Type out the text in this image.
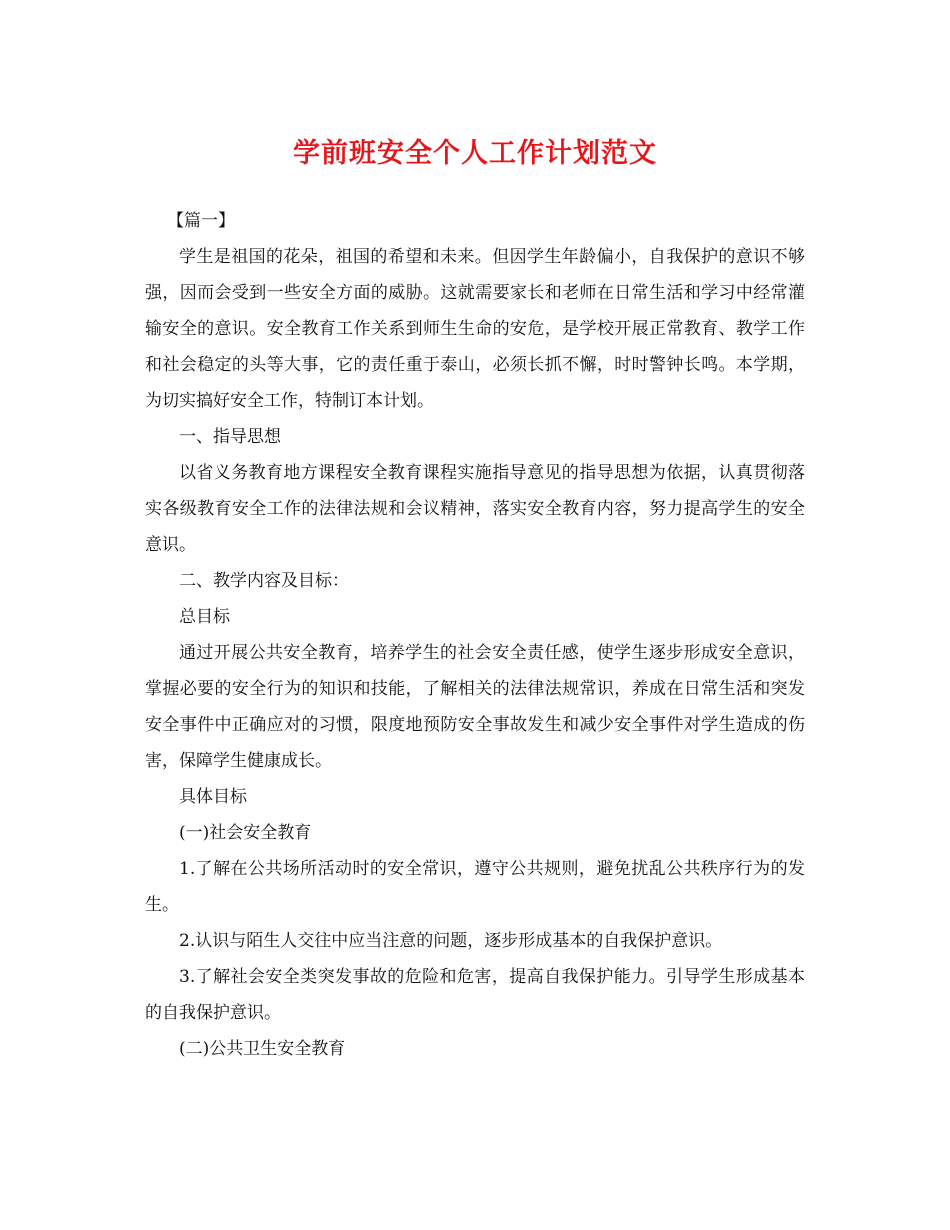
学前班安全个人工作计划范文

【篇一】

学生是祖国的花朵，祖国的希望和未来。但因学生年龄偏小，自我保护的意识不够强，因而会受到一些安全方面的威胁。这就需要家长和老师在日常生活和学习中经常灌输安全的意识。安全教育工作关系到师生生命的安危，是学校开展正常教育、教学工作和社会稳定的头等大事，它的责任重于泰山，必须长抓不懈，时时警钟长鸣。本学期，为切实搞好安全工作，特制订本计划。

一、指导思想

以省义务教育地方课程安全教育课程实施指导意见的指导思想为依据，认真贯彻落实各级教育安全工作的法律法规和会议精神，落实安全教育内容，努力提高学生的安全意识。

二、教学内容及目标：

总目标

通过开展公共安全教育，培养学生的社会安全责任感，使学生逐步形成安全意识，掌握必要的安全行为的知识和技能，了解相关的法律法规常识，养成在日常生活和突发安全事件中正确应对的习惯，限度地预防安全事故发生和减少安全事件对学生造成的伤害，保障学生健康成长。

具体目标

(一)社会安全教育

1.了解在公共场所活动时的安全常识，遵守公共规则，避免扰乱公共秩序行为的发生。

2.认识与陌生人交往中应当注意的问题，逐步形成基本的自我保护意识。

3.了解社会安全类突发事故的危险和危害，提高自我保护能力。引导学生形成基本的自我保护意识。

(二)公共卫生安全教育
